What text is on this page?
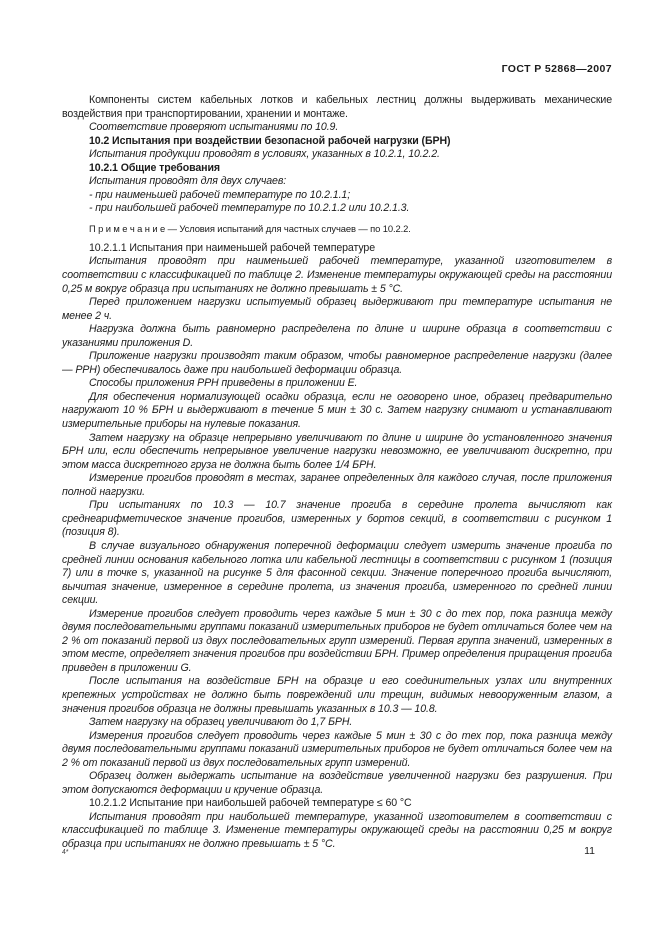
ГОСТ Р 52868—2007

Компоненты систем кабельных лотков и кабельных лестниц должны выдерживать механические воздействия при транспортировании, хранении и монтаже.

Соответствие проверяют испытаниями по 10.9.

10.2 Испытания при воздействии безопасной рабочей нагрузки (БРН)

Испытания продукции проводят в условиях, указанных в 10.2.1, 10.2.2.

10.2.1 Общие требования

Испытания проводят для двух случаев:

- при наименьшей рабочей температуре по 10.2.1.1;

- при наибольшей рабочей температуре по 10.2.1.2 или 10.2.1.3.

П р и м е ч а н и е — Условия испытаний для частных случаев — по 10.2.2.

10.2.1.1 Испытания при наименьшей рабочей температуре

Испытания проводят при наименьшей рабочей температуре, указанной изготовителем в соответствии с классификацией по таблице 2. Изменение температуры окружающей среды на расстоянии 0,25 м вокруг образца при испытаниях не должно превышать ± 5 °С.

Перед приложением нагрузки испытуемый образец выдерживают при температуре испытания не менее 2 ч.

Нагрузка должна быть равномерно распределена по длине и ширине образца в соответствии с указаниями приложения D.

Приложение нагрузки производят таким образом, чтобы равномерное распределение нагрузки (далее — РРН) обеспечивалось даже при наибольшей деформации образца.

Способы приложения РРН приведены в приложении Е.

Для обеспечения нормализующей осадки образца, если не оговорено иное, образец предварительно нагружают 10 % БРН и выдерживают в течение 5 мин ± 30 с. Затем нагрузку снимают и устанавливают измерительные приборы на нулевые показания.

Затем нагрузку на образце непрерывно увеличивают по длине и ширине до установленного значения БРН или, если обеспечить непрерывное увеличение нагрузки невозможно, ее увеличивают дискретно, при этом масса дискретного груза не должна быть более 1/4 БРН.

Измерение прогибов проводят в местах, заранее определенных для каждого случая, после приложения полной нагрузки.

При испытаниях по 10.3 — 10.7 значение прогиба в середине пролета вычисляют как среднеарифметическое значение прогибов, измеренных у бортов секций, в соответствии с рисунком 1 (позиция 8).

В случае визуального обнаружения поперечной деформации следует измерить значение прогиба по средней линии основания кабельного лотка или кабельной лестницы в соответствии с рисунком 1 (позиция 7) или в точке s, указанной на рисунке 5 для фасонной секции. Значение поперечного прогиба вычисляют, вычитая значение, измеренное в середине пролета, из значения прогиба, измеренного по средней линии секции.

Измерение прогибов следует проводить через каждые 5 мин ± 30 с до тех пор, пока разница между двумя последовательными группами показаний измерительных приборов не будет отличаться более чем на 2 % от показаний первой из двух последовательных групп измерений. Первая группа значений, измеренных в этом месте, определяет значения прогибов при воздействии БРН. Пример определения приращения прогиба приведен в приложении G.

После испытания на воздействие БРН на образце и его соединительных узлах или внутренних крепежных устройствах не должно быть повреждений или трещин, видимых невооруженным глазом, а значения прогибов образца не должны превышать указанных в 10.3 — 10.8.

Затем нагрузку на образец увеличивают до 1,7 БРН.

Измерения прогибов следует проводить через каждые 5 мин ± 30 с до тех пор, пока разница между двумя последовательными группами показаний измерительных приборов не будет отличаться более чем на 2 % от показаний первой из двух последовательных групп измерений.

Образец должен выдержать испытание на воздействие увеличенной нагрузки без разрушения. При этом допускаются деформации и кручение образца.

10.2.1.2 Испытание при наибольшей рабочей температуре ≤ 60 °С

Испытания проводят при наибольшей температуре, указанной изготовителем в соответствии с классификацией по таблице 3. Изменение температуры окружающей среды на расстоянии 0,25 м вокруг образца при испытаниях не должно превышать ± 5 °С.

4*	11
